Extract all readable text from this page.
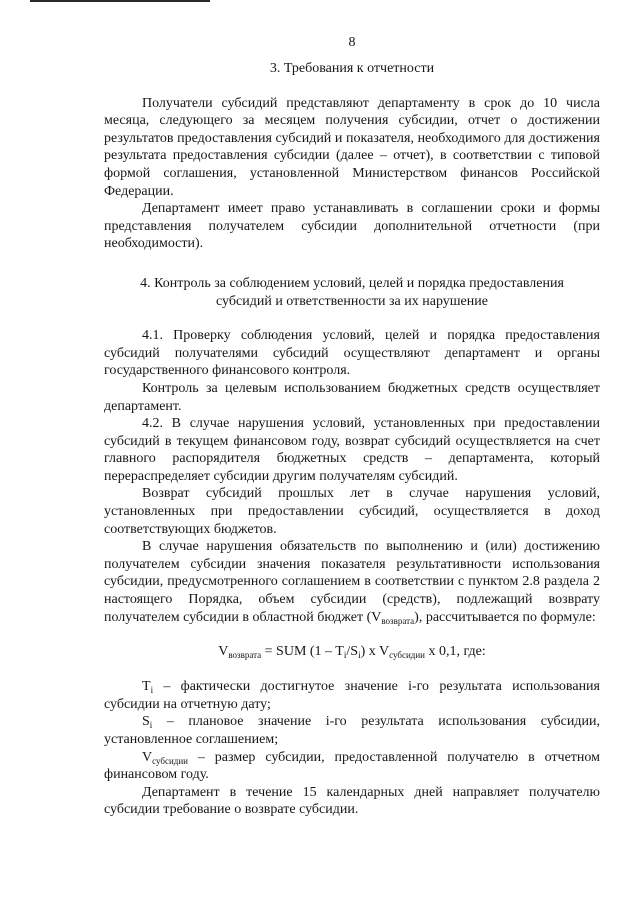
8
3. Требования к отчетности

Получатели субсидий представляют департаменту в срок до 10 числа месяца, следующего за месяцем получения субсидии, отчет о достижении результатов предоставления субсидий и показателя, необходимого для достижения результата предоставления субсидии (далее – отчет), в соответствии с типовой формой соглашения, установленной Министерством финансов Российской Федерации.

Департамент имеет право устанавливать в соглашении сроки и формы представления получателем субсидии дополнительной отчетности (при необходимости).

4. Контроль за соблюдением условий, целей и порядка предоставления
субсидий и ответственности за их нарушение

4.1. Проверку соблюдения условий, целей и порядка предоставления субсидий получателями субсидий осуществляют департамент и органы государственного финансового контроля.

Контроль за целевым использованием бюджетных средств осуществляет департамент.

4.2. В случае нарушения условий, установленных при предоставлении субсидий в текущем финансовом году, возврат субсидий осуществляется на счет главного распорядителя бюджетных средств – департамента, который перераспределяет субсидии другим получателям субсидий.

Возврат субсидий прошлых лет в случае нарушения условий, установленных при предоставлении субсидий, осуществляется в доход соответствующих бюджетов.

В случае нарушения обязательств по выполнению и (или) достижению получателем субсидии значения показателя результативности использования субсидии, предусмотренного соглашением в соответствии с пунктом 2.8 раздела 2 настоящего Порядка, объем субсидии (средств), подлежащий возврату получателем субсидии в областной бюджет $(V_{возврата})$, рассчитывается по формуле:

$V_{возврата}$ = SUM $(1 - T_i/S_i)$ x $V_{субсидии}$ x 0,1, где:

$T_i$ – фактически достигнутое значение i-го результата использования субсидии на отчетную дату;

$S_i$ – плановое значение i-го результата использования субсидии, установленное соглашением;

$V_{субсидии}$ – размер субсидии, предоставленной получателю в отчетном финансовом году.

Департамент в течение 15 календарных дней направляет получателю субсидии требование о возврате субсидии.
